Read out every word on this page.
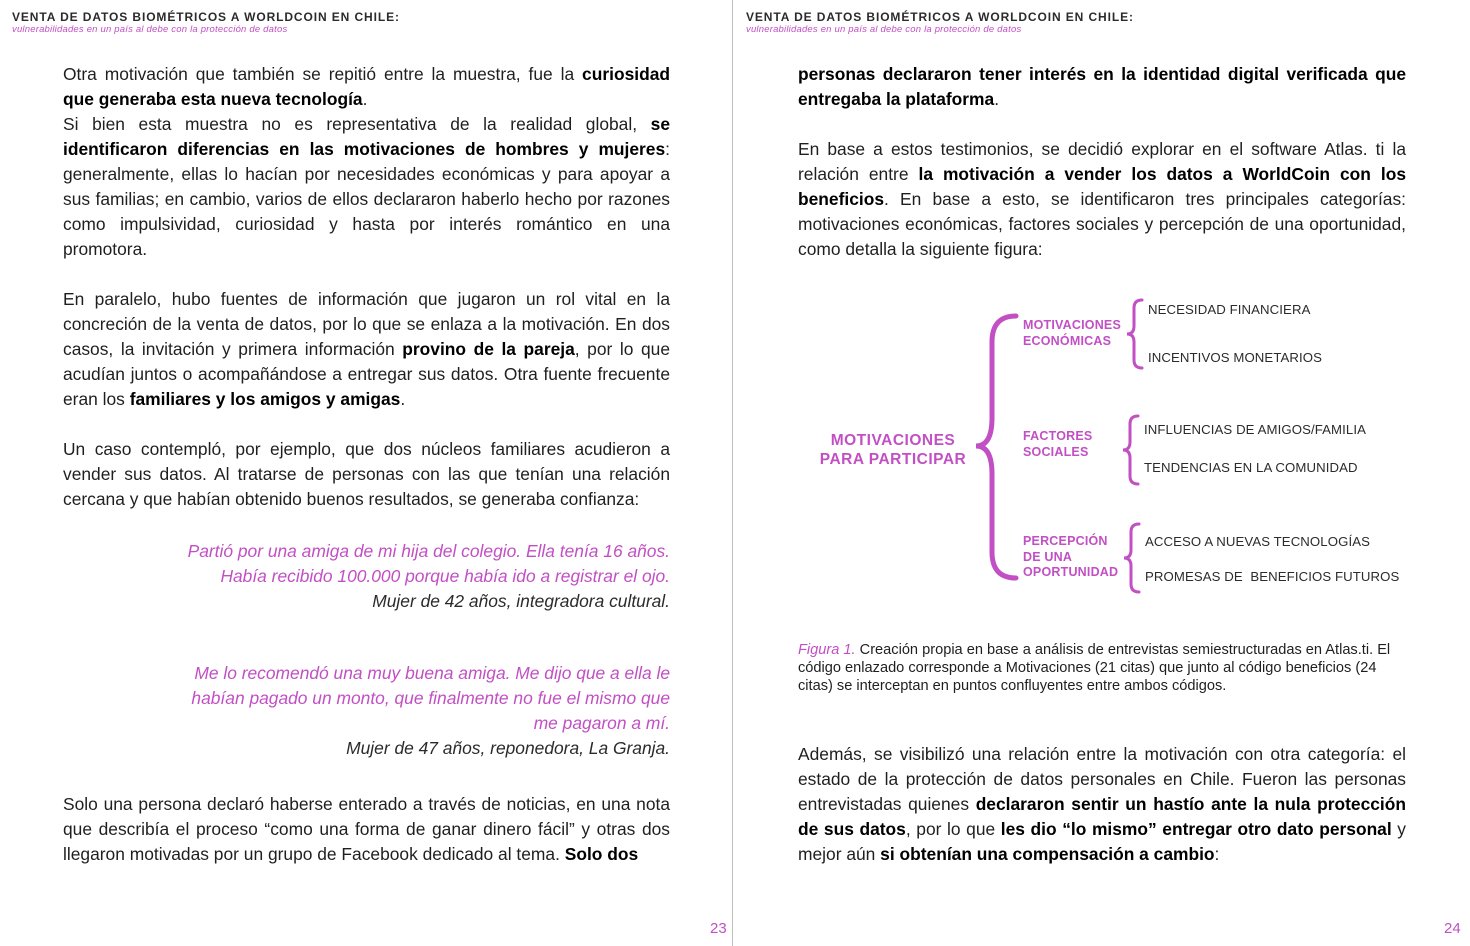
VENTA DE DATOS BIOMÉTRICOS A WORLDCOIN EN CHILE:
vulnerabilidades en un país al debe con la protección de datos

Otra motivación que también se repitió entre la muestra, fue la curiosidad que generaba esta nueva tecnología.

Si bien esta muestra no es representativa de la realidad global, se identificaron diferencias en las motivaciones de hombres y mujeres: generalmente, ellas lo hacían por necesidades económicas y para apoyar a sus familias; en cambio, varios de ellos declararon haberlo hecho por razones como impulsividad, curiosidad y hasta por interés romántico en una promotora.

En paralelo, hubo fuentes de información que jugaron un rol vital en la concreción de la venta de datos, por lo que se enlaza a la motivación. En dos casos, la invitación y primera información provino de la pareja, por lo que acudían juntos o acompañándose a entregar sus datos. Otra fuente frecuente eran los familiares y los amigos y amigas.

Un caso contempló, por ejemplo, que dos núcleos familiares acudieron a vender sus datos. Al tratarse de personas con las que tenían una relación cercana y que habían obtenido buenos resultados, se generaba confianza:

Partió por una amiga de mi hija del colegio. Ella tenía 16 años.
Había recibido 100.000 porque había ido a registrar el ojo.
Mujer de 42 años, integradora cultural.
Me lo recomendó una muy buena amiga. Me dijo que a ella le
habían pagado un monto, que finalmente no fue el mismo que
me pagaron a mí.
Mujer de 47 años, reponedora, La Granja.

Solo una persona declaró haberse enterado a través de noticias, en una nota que describía el proceso “como una forma de ganar dinero fácil” y otras dos llegaron motivadas por un grupo de Facebook dedicado al tema. Solo dos

23
VENTA DE DATOS BIOMÉTRICOS A WORLDCOIN EN CHILE:
vulnerabilidades en un país al debe con la protección de datos

personas declararon tener interés en la identidad digital verificada que entregaba la plataforma.

En base a estos testimonios, se decidió explorar en el software Atlas. ti la relación entre la motivación a vender los datos a WorldCoin con los beneficios. En base a esto, se identificaron tres principales categorías: motivaciones económicas, factores sociales y percepción de una oportunidad, como detalla la siguiente figura:

MOTIVACIONES
PARA PARTICIPAR
MOTIVACIONES
ECONÓMICAS
NECESIDAD FINANCIERA
INCENTIVOS MONETARIOS
FACTORES
SOCIALES
INFLUENCIAS DE AMIGOS/FAMILIA
TENDENCIAS EN LA COMUNIDAD
PERCEPCIÓN
DE UNA
OPORTUNIDAD
ACCESO A NUEVAS TECNOLOGÍAS
PROMESAS DE  BENEFICIOS FUTUROS
Figura 1. Creación propia en base a análisis de entrevistas semiestructuradas en Atlas.ti. El código enlazado corresponde a Motivaciones (21 citas) que junto al código beneficios (24 citas) se interceptan en puntos confluyentes entre ambos códigos.

Además, se visibilizó una relación entre la motivación con otra categoría: el estado de la protección de datos personales en Chile. Fueron las personas entrevistadas quienes declararon sentir un hastío ante la nula protección de sus datos, por lo que les dio “lo mismo” entregar otro dato personal y mejor aún si obtenían una compensación a cambio:

24
